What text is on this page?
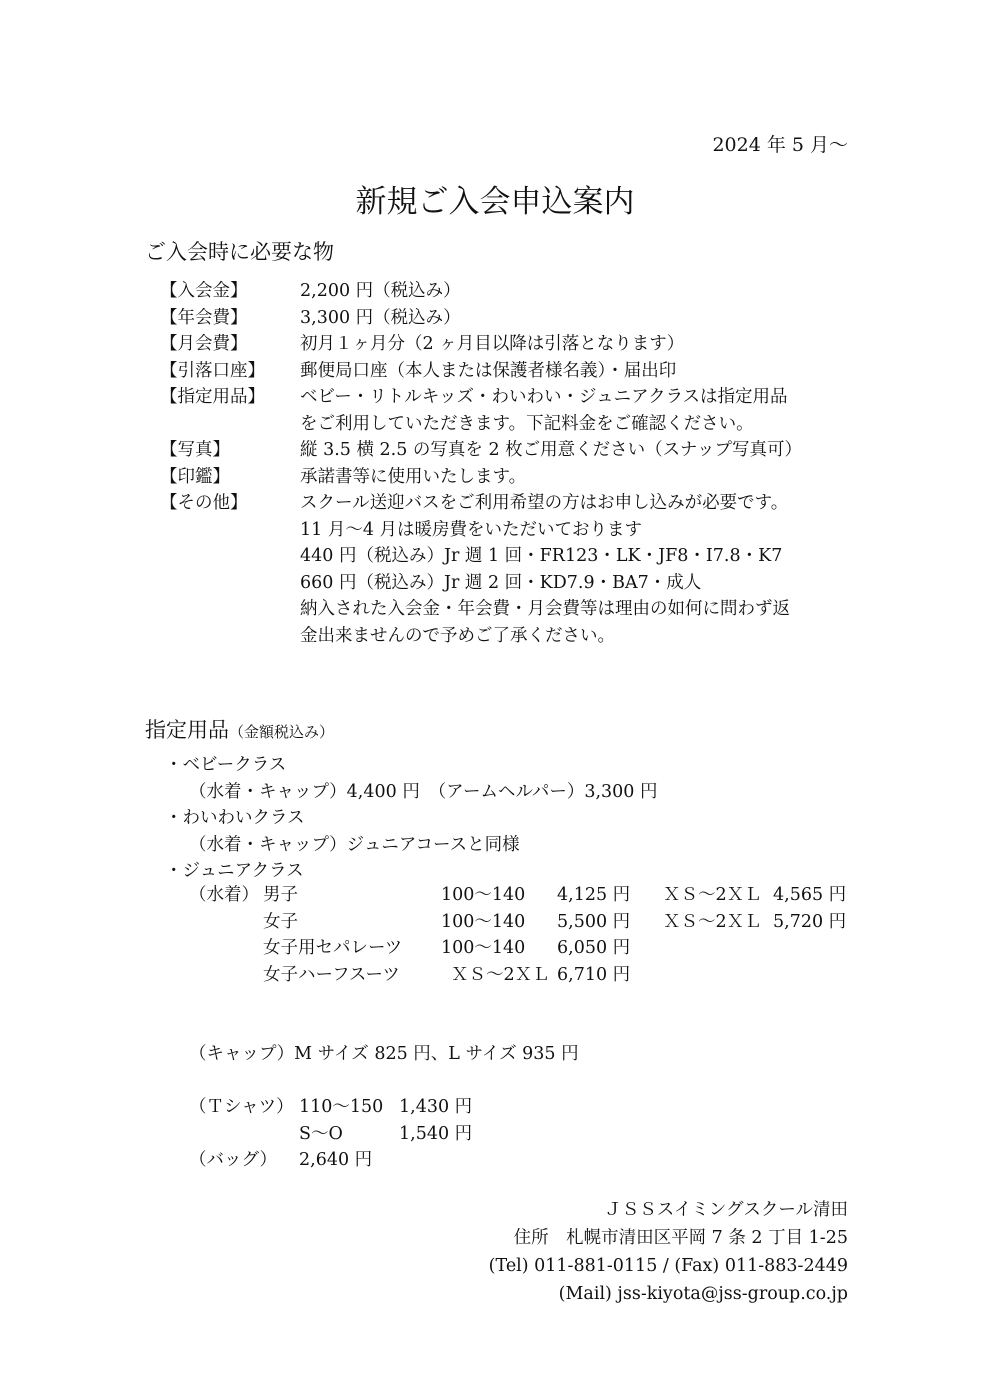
2024 年 5 月～
新規ご入会申込案内
ご入会時に必要な物
【入会金】	2,200 円（税込み）
【年会費】	3,300 円（税込み）
【月会費】	初月１ヶ月分（2 ヶ月目以降は引落となります）
【引落口座】	郵便局口座（本人または保護者様名義）・届出印
【指定用品】	ベビー・リトルキッズ・わいわい・ジュニアクラスは指定用品
をご利用していただきます。下記料金をご確認ください。
【写真】	縦 3.5 横 2.5 の写真を 2 枚ご用意ください（スナップ写真可）
【印鑑】	承諾書等に使用いたします。
【その他】	スクール送迎バスをご利用希望の方はお申し込みが必要です。
11 月～4 月は暖房費をいただいております
440 円（税込み）Jr 週 1 回・FR123・LK・JF8・I7.8・K7
660 円（税込み）Jr 週 2 回・KD7.9・BA7・成人
納入された入会金・年会費・月会費等は理由の如何に問わず返
金出来ませんので予めご了承ください。
指定用品（金額税込み）
・ベビークラス
（水着・キャップ）4,400 円　（アームヘルパー）3,300 円
・わいわいクラス
（水着・キャップ）ジュニアコースと同様
・ジュニアクラス
（水着） 男子	100～140 4,125 円 ＸＳ～2ＸＬ 4,565 円
女子	100～140 5,500 円 ＸＳ～2ＸＬ 5,720 円
女子用セパレーツ 100～140 6,050 円
女子ハーフスーツ	ＸＳ～2ＸＬ 6,710 円
（キャップ）M サイズ 825 円、L サイズ 935 円
（Ｔシャツ） 110～150 1,430 円
S～O	1,540 円
（バッグ） 2,640 円
ＪＳＳスイミングスクール清田
住所　札幌市清田区平岡 7 条 2 丁目 1-25
(Tel) 011-881-0115 / (Fax) 011-883-2449
(Mail) jss-kiyota@jss-group.co.jp
